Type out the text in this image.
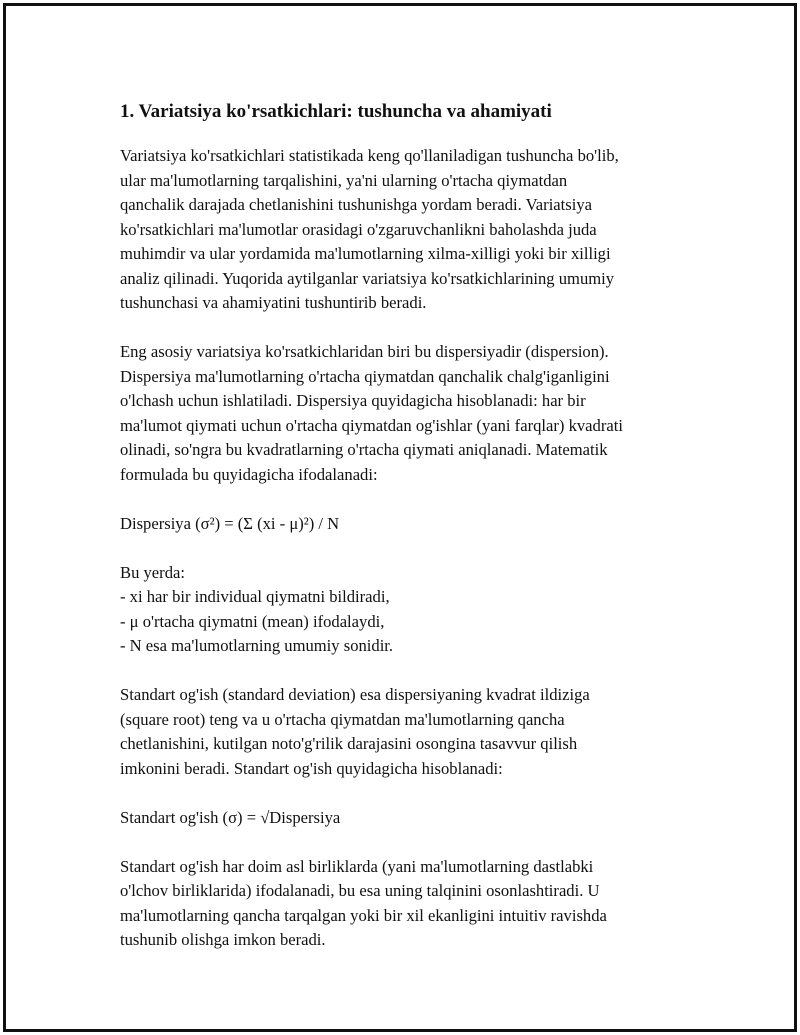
1. Variatsiya ko'rsatkichlari: tushuncha va ahamiyati

Variatsiya ko'rsatkichlari statistikada keng qo'llaniladigan tushuncha bo'lib,
ular ma'lumotlarning tarqalishini, ya'ni ularning o'rtacha qiymatdan
qanchalik darajada chetlanishini tushunishga yordam beradi. Variatsiya
ko'rsatkichlari ma'lumotlar orasidagi o'zgaruvchanlikni baholashda juda
muhimdir va ular yordamida ma'lumotlarning xilma-xilligi yoki bir xilligi
analiz qilinadi. Yuqorida aytilganlar variatsiya ko'rsatkichlarining umumiy
tushunchasi va ahamiyatini tushuntirib beradi.

Eng asosiy variatsiya ko'rsatkichlaridan biri bu dispersiyadir (dispersion).
Dispersiya ma'lumotlarning o'rtacha qiymatdan qanchalik chalg'iganligini
o'lchash uchun ishlatiladi. Dispersiya quyidagicha hisoblanadi: har bir
ma'lumot qiymati uchun o'rtacha qiymatdan og'ishlar (yani farqlar) kvadrati
olinadi, so'ngra bu kvadratlarning o'rtacha qiymati aniqlanadi. Matematik
formulada bu quyidagicha ifodalanadi:

Dispersiya (σ²) = (Σ (xi - μ)²) / N

Bu yerda:
- xi har bir individual qiymatni bildiradi,
- μ o'rtacha qiymatni (mean) ifodalaydi,
- N esa ma'lumotlarning umumiy sonidir.

Standart og'ish (standard deviation) esa dispersiyaning kvadrat ildiziga
(square root) teng va u o'rtacha qiymatdan ma'lumotlarning qancha
chetlanishini, kutilgan noto'g'rilik darajasini osongina tasavvur qilish
imkonini beradi. Standart og'ish quyidagicha hisoblanadi:

Standart og'ish (σ) = √Dispersiya

Standart og'ish har doim asl birliklarda (yani ma'lumotlarning dastlabki
o'lchov birliklarida) ifodalanadi, bu esa uning talqinini osonlashtiradi. U
ma'lumotlarning qancha tarqalgan yoki bir xil ekanligini intuitiv ravishda
tushunib olishga imkon beradi.
